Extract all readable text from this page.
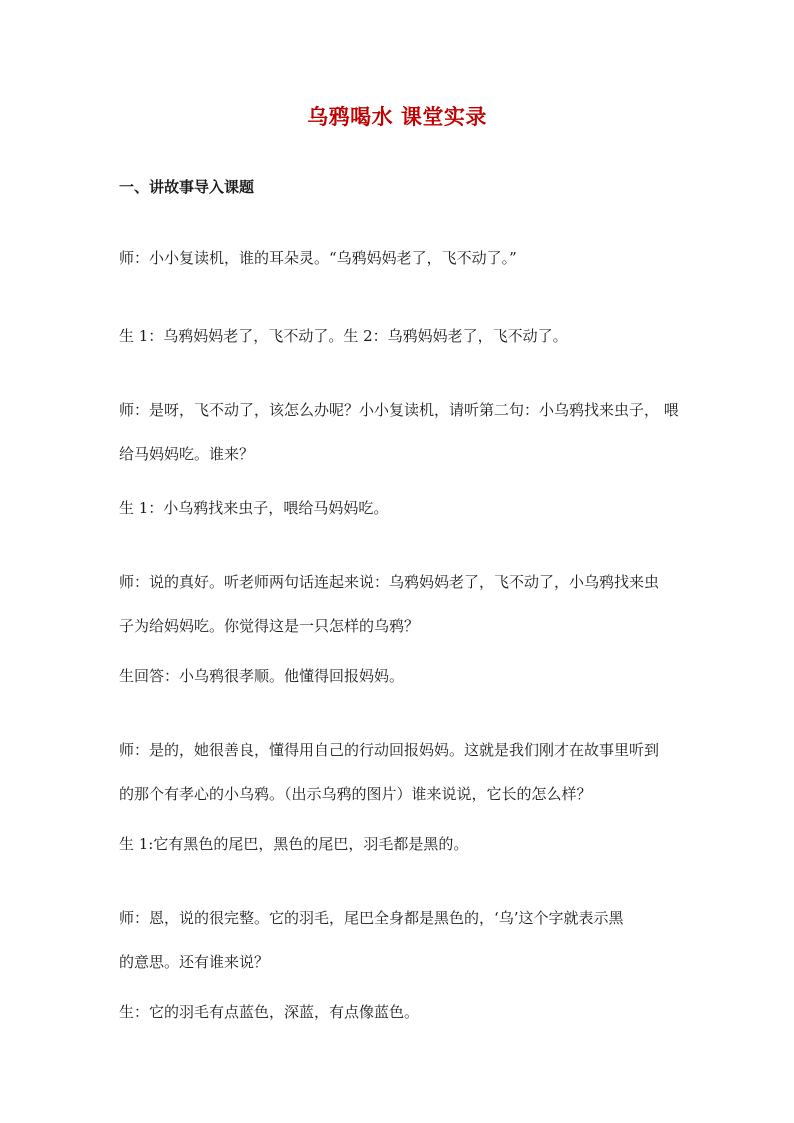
乌鸦喝水 课堂实录
一、讲故事导入课题

师：小小复读机，谁的耳朵灵。“乌鸦妈妈老了，飞不动了。”

生 1：乌鸦妈妈老了，飞不动了。生 2：乌鸦妈妈老了，飞不动了。

师：是呀，飞不动了，该怎么办呢？小小复读机，请听第二句：小乌鸦找来虫子， 喂
给马妈妈吃。谁来？

生 1：小乌鸦找来虫子，喂给马妈妈吃。

师：说的真好。听老师两句话连起来说：乌鸦妈妈老了，飞不动了，小乌鸦找来虫
子为给妈妈吃。你觉得这是一只怎样的乌鸦？

生回答：小乌鸦很孝顺。他懂得回报妈妈。

师：是的，她很善良，懂得用自己的行动回报妈妈。这就是我们刚才在故事里听到
的那个有孝心的小乌鸦。（出示乌鸦的图片）谁来说说，它长的怎么样？

生 1:它有黑色的尾巴，黑色的尾巴，羽毛都是黑的。

师：恩，说的很完整。它的羽毛，尾巴全身都是黑色的，‘乌’这个字就表示黑
的意思。还有谁来说？

生：它的羽毛有点蓝色，深蓝，有点像蓝色。
